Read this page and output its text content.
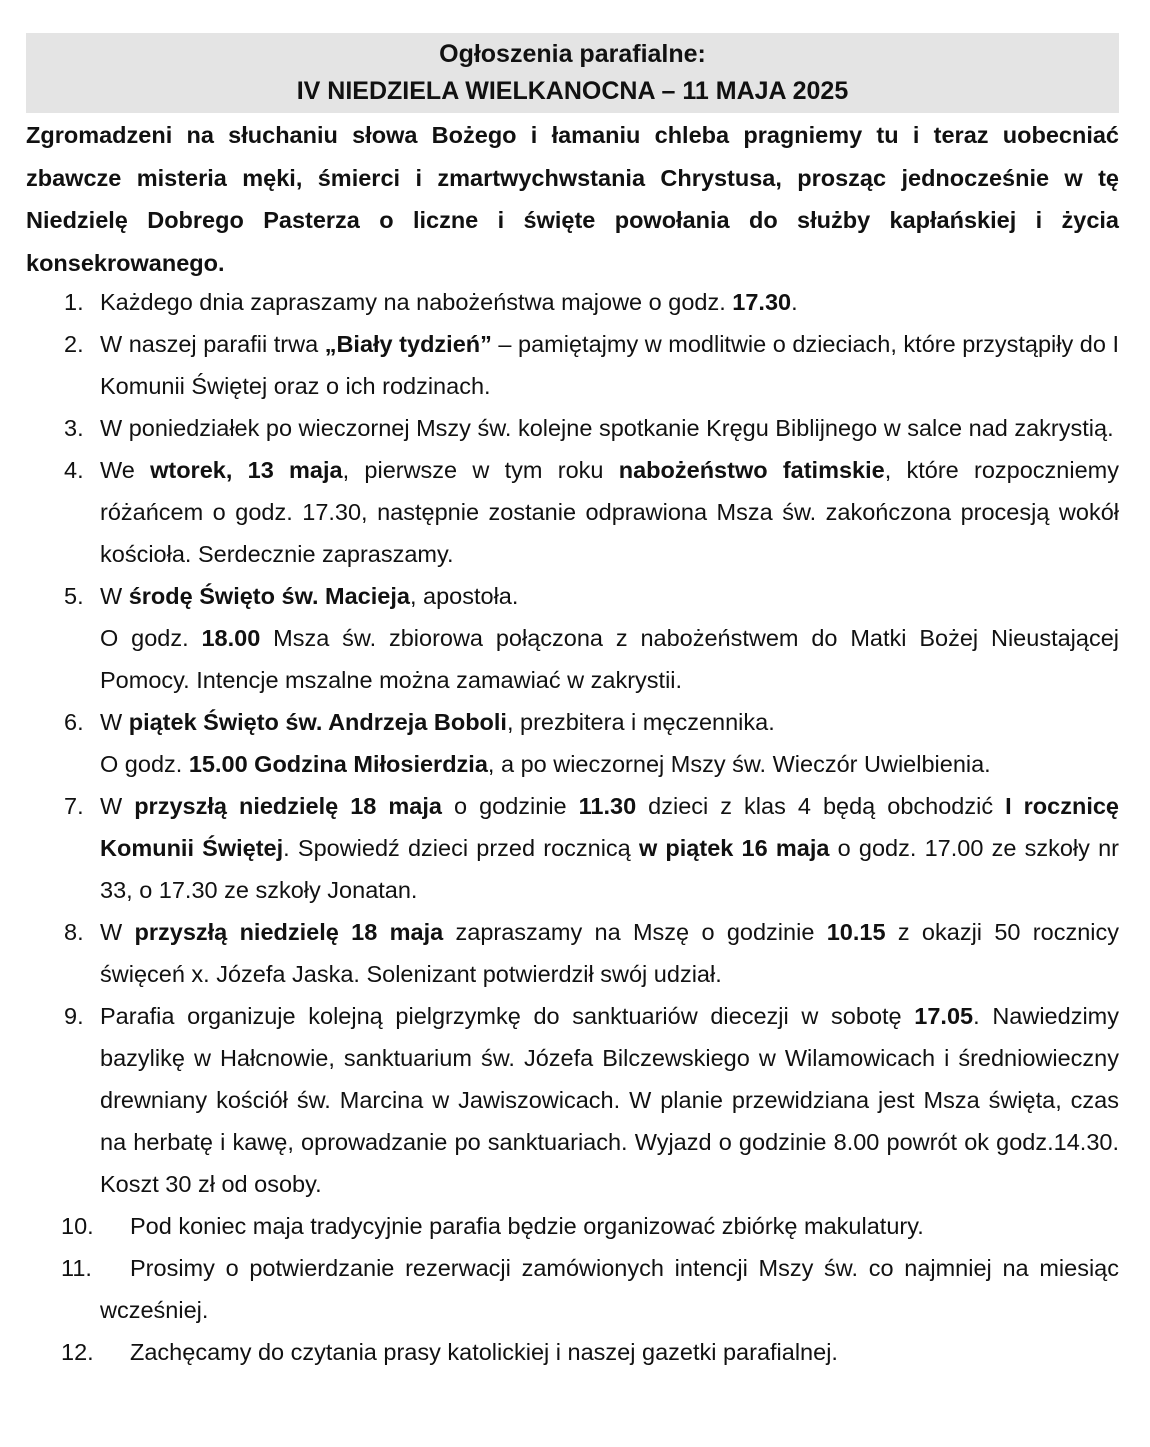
Ogłoszenia parafialne:
IV NIEDZIELA WIELKANOCNA – 11 MAJA 2025

Zgromadzeni na słuchaniu słowa Bożego i łamaniu chleba pragniemy tu i teraz uobecniać zbawcze misteria męki, śmierci i zmartwychwstania Chrystusa, prosząc jednocześnie w tę Niedzielę Dobrego Pasterza o liczne i święte powołania do służby kapłańskiej i życia konsekrowanego.

1. Każdego dnia zapraszamy na nabożeństwa majowe o godz. 17.30.
2. W naszej parafii trwa „Biały tydzień” – pamiętajmy w modlitwie o dzieciach, które przystąpiły do I Komunii Świętej oraz o ich rodzinach.
3. W poniedziałek po wieczornej Mszy św. kolejne spotkanie Kręgu Biblijnego w salce nad zakrystią.
4. We wtorek, 13 maja, pierwsze w tym roku nabożeństwo fatimskie, które rozpoczniemy różańcem o godz. 17.30, następnie zostanie odprawiona Msza św. zakończona procesją wokół kościoła. Serdecznie zapraszamy.
5. W środę Święto św. Macieja, apostoła.
O godz. 18.00 Msza św. zbiorowa połączona z nabożeństwem do Matki Bożej Nieustającej Pomocy. Intencje mszalne można zamawiać w zakrystii.
6. W piątek Święto św. Andrzeja Boboli, prezbitera i męczennika.
O godz. 15.00 Godzina Miłosierdzia, a po wieczornej Mszy św. Wieczór Uwielbienia.
7. W przyszłą niedzielę 18 maja o godzinie 11.30 dzieci z klas 4 będą obchodzić I rocznicę Komunii Świętej. Spowiedź dzieci przed rocznicą w piątek 16 maja o godz. 17.00 ze szkoły nr 33, o 17.30 ze szkoły Jonatan.
8. W przyszłą niedzielę 18 maja zapraszamy na Mszę o godzinie 10.15 z okazji 50 rocznicy święceń x. Józefa Jaska. Solenizant potwierdził swój udział.
9. Parafia organizuje kolejną pielgrzymkę do sanktuariów diecezji w sobotę 17.05. Nawiedzimy bazylikę w Hałcnowie, sanktuarium św. Józefa Bilczewskiego w Wilamowicach i średniowieczny drewniany kościół św. Marcina w Jawiszowicach. W planie przewidziana jest Msza święta, czas na herbatę i kawę, oprowadzanie po sanktuariach. Wyjazd o godzinie 8.00 powrót ok godz.14.30. Koszt 30 zł od osoby.
10.	Pod koniec maja tradycyjnie parafia będzie organizować zbiórkę makulatury.
11.	Prosimy o potwierdzanie rezerwacji zamówionych intencji Mszy św. co najmniej na miesiąc wcześniej.
12.	Zachęcamy do czytania prasy katolickiej i naszej gazetki parafialnej.
